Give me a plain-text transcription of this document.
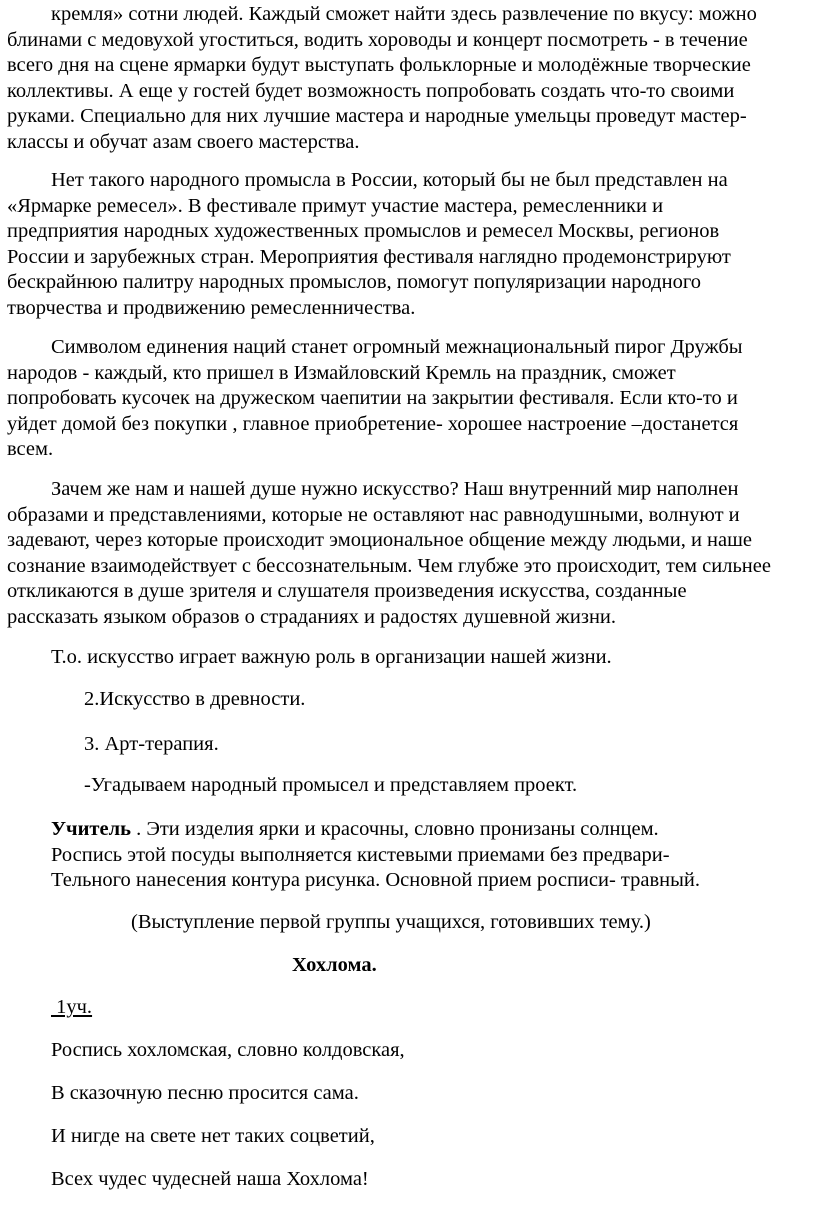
кремля» сотни людей. Каждый сможет найти здесь развлечение по вкусу: можно
блинами с медовухой угоститься, водить хороводы и концерт посмотреть - в течение
всего дня на сцене ярмарки будут выступать фольклорные и молодёжные творческие
коллективы. А еще у гостей будет возможность попробовать создать что-то своими
руками. Специально для них лучшие мастера и народные умельцы проведут мастер-
классы и обучат азам своего мастерства.
Нет такого народного промысла в России, который бы не был представлен на
«Ярмарке ремесел». В фестивале примут участие мастера, ремесленники и
предприятия народных художественных промыслов и ремесел Москвы, регионов
России и зарубежных стран. Мероприятия фестиваля наглядно продемонстрируют
бескрайнюю палитру народных промыслов, помогут популяризации народного
творчества и продвижению ремесленничества.
Символом единения наций станет огромный межнациональный пирог Дружбы
народов - каждый, кто пришел в Измайловский Кремль на праздник, сможет
попробовать кусочек на дружеском чаепитии на закрытии фестиваля. Если кто-то и
уйдет домой без покупки , главное приобретение- хорошее настроение –достанется
всем.
Зачем же нам и нашей душе нужно искусство? Наш внутренний мир наполнен
образами и представлениями, которые не оставляют нас равнодушными, волнуют и
задевают, через которые происходит эмоциональное общение между людьми, и наше
сознание взаимодействует с бессознательным. Чем глубже это происходит, тем сильнее
откликаются в душе зрителя и слушателя произведения искусства, созданные
рассказать языком образов о страданиях и радостях душевной жизни.
Т.о. искусство играет важную роль в организации нашей жизни.
2.Искусство в древности.
3. Арт-терапия.
-Угадываем народный промысел и представляем проект.
Учитель . Эти изделия ярки и красочны, словно пронизаны солнцем.
Роспись этой посуды выполняется кистевыми приемами без предвари-
Тельного нанесения контура рисунка. Основной прием росписи- травный.
(Выступление первой группы учащихся, готовивших тему.)
Хохлома.
1уч.
Роспись хохломская, словно колдовская,
В сказочную песню просится сама.
И нигде на свете нет таких соцветий,
Всех чудес чудесней наша Хохлома!
